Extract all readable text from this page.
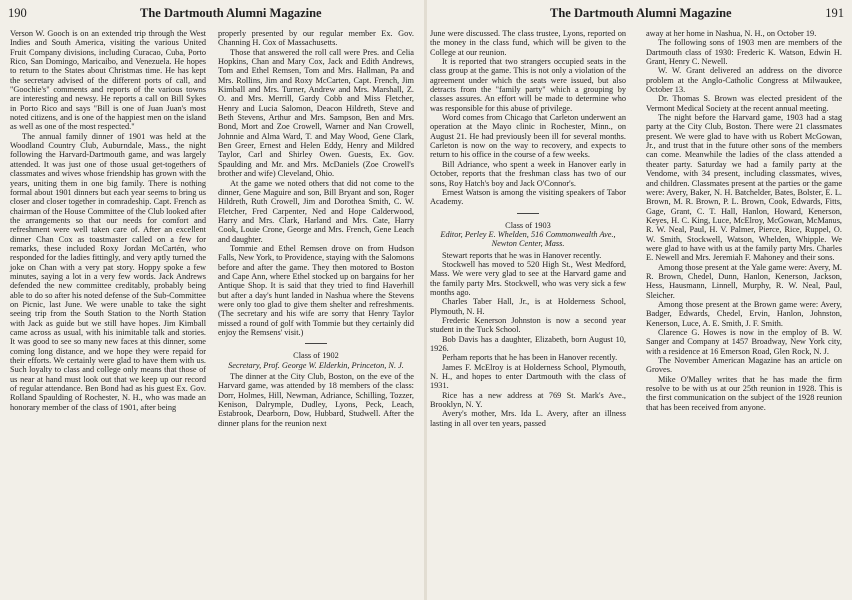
190	The Dartmouth Alumni Magazine

Verson W. Gooch is on an extended trip through the West Indies and South America, visiting the various United Fruit Company divisions, including Curacao, Cuba, Porto Rico, San Domingo, Maricaibo, and Venezuela. He hopes to return to the States about Christmas time. He has kept the secretary advised of the different ports of call, and "Goochie's" comments and reports of the various towns are interesting and newsy. He reports a call on Bill Sykes in Porto Rico and says "Bill is one of Juan Juan's most noted citizens, and is one of the happiest men on the island as well as one of the most respected."

The annual family dinner of 1901 was held at the Woodland Country Club, Auburndale, Mass., the night following the Harvard-Dartmouth game, and was largely attended. It was just one of those usual get-togethers of classmates and wives whose friendship has grown with the years, uniting them in one big family. There is nothing formal about 1901 dinners but each year seems to bring us closer and closer together in comradeship. Capt. French as chairman of the House Committee of the Club looked after the arrangements so that our needs for comfort and refreshment were well taken care of. After an excellent dinner Chan Cox as toastmaster called on a few for remarks, these included Roxy Jordan McCartén, who responded for the ladies fittingly, and very aptly turned the joke on Chan with a very pat story. Hoppy spoke a few minutes, saying a lot in a very few words. Jack Andrews defended the new committee creditably, probably being able to do so after his noted defense of the Sub-Committee on Picnic, last June. We were unable to take the sight seeing trip from the South Station to the North Station with Jack as guide but we still have hopes. Jim Kimball came across as usual, with his inimitable talk and stories. It was good to see so many new faces at this dinner, some coming long distance, and we hope they were repaid for their efforts. We certainly were glad to have them with us. Such loyalty to class and college only means that those of us near at hand must look out that we keep up our record of regular attendance. Ben Bond had as his guest Ex. Gov. Rolland Spaulding of Rochester, N. H., who was made an honorary member of the class of 1901, after being

properly presented by our regular member Ex. Gov. Channing H. Cox of Massachusetts.

Those that answered the roll call were Pres. and Celia Hopkins, Chan and Mary Cox, Jack and Edith Andrews, Tom and Ethel Remsen, Tom and Mrs. Hallman, Pa and Mrs. Rollins, Jim and Roxy McCarten, Capt. French, Jim Kimball and Mrs. Turner, Andrew and Mrs. Marshall, Z. O. and Mrs. Merrill, Gardy Cobb and Miss Fletcher, Henry and Lucia Salomon, Deacon Hildreth, Steve and Beth Stevens, Arthur and Mrs. Sampson, Ben and Mrs. Bond, Mort and Zoe Crowell, Warner and Nan Crowell, Johnnie and Alma Ward, T. and May Wood, Gene Clark, Ben Greer, Ernest and Helen Eddy, Henry and Mildred Taylor, Carl and Shirley Owen. Guests, Ex. Gov. Spaulding and Mr. and Mrs. McDaniels (Zoe Crowell's brother and wife) Cleveland, Ohio.

At the game we noted others that did not come to the dinner, Gene Maguire and son, Bill Bryant and son, Roger Hildreth, Ruth Crowell, Jim and Dorothea Smith, C. W. Fletcher, Fred Carpenter, Ned and Hope Calderwood, Harry and Mrs. Clark, Harland and Mrs. Cate, Harry Cook, Louie Crone, George and Mrs. French, Gene Leach and daughter.

Tommie and Ethel Remsen drove on from Hudson Falls, New York, to Providence, staying with the Salomons before and after the game. They then motored to Boston and Cape Ann, where Ethel stocked up on bargains for her Antique Shop. It is said that they tried to find Haverhill but after a day's hunt landed in Nashua where the Stevens were only too glad to give them shelter and refreshments. (The secretary and his wife are sorry that Henry Taylor missed a round of golf with Tommie but they certainly did enjoy the Remsens' visit.)

Class of 1902
Secretary, Prof. George W. Elderkin, Princeton, N. J.

The dinner at the City Club, Boston, on the eve of the Harvard game, was attended by 18 members of the class: Dorr, Holmes, Hill, Newman, Adriance, Schilling, Tozzer, Kenison, Dalrymple, Dudley, Lyons, Peck, Leach, Estabrook, Dearborn, Dow, Hubbard, Studwell. After the dinner plans for the reunion next

The Dartmouth Alumni Magazine	191

June were discussed. The class trustee, Lyons, reported on the money in the class fund, which will be given to the College at our reunion.

It is reported that two strangers occupied seats in the class group at the game. This is not only a violation of the agreement under which the seats were issued, but also detracts from the "family party" which a grouping by classes assures. An effort will be made to determine who was responsible for this abuse of privilege.

Word comes from Chicago that Carleton underwent an operation at the Mayo clinic in Rochester, Minn., on August 21. He had previously been ill for several months. Carleton is now on the way to recovery, and expects to return to his office in the course of a few weeks.

Bill Adriance, who spent a week in Hanover early in October, reports that the freshman class has two of our sons, Roy Hatch's boy and Jack O'Connor's.

Ernest Watson is among the visiting speakers of Tabor Academy.

Class of 1903
Editor, Perley E. Whelden, 516 Commonwealth Ave., Newton Center, Mass.

Stewart reports that he was in Hanover recently.

Stockwell has moved to 520 High St., West Medford, Mass. We were very glad to see at the Harvard game and the family party Mrs. Stockwell, who was very sick a few months ago.

Charles Taber Hall, Jr., is at Holderness School, Plymouth, N. H.

Frederic Kenerson Johnston is now a second year student in the Tuck School.

Bob Davis has a daughter, Elizabeth, born August 10, 1926.

Perham reports that he has been in Hanover recently.

James F. McElroy is at Holderness School, Plymouth, N. H., and hopes to enter Dartmouth with the class of 1931.

Rice has a new address at 769 St. Mark's Ave., Brooklyn, N. Y.

Avery's mother, Mrs. Ida L. Avery, after an illness lasting in all over ten years, passed

away at her home in Nashua, N. H., on October 19.

The following sons of 1903 men are members of the Dartmouth class of 1930: Frederic K. Watson, Edwin H. Grant, Henry C. Newell.

W. W. Grant delivered an address on the divorce problem at the Anglo-Catholic Congress at Milwaukee, October 13.

Dr. Thomas S. Brown was elected president of the Vermont Medical Society at the recent annual meeting.

The night before the Harvard game, 1903 had a stag party at the City Club, Boston. There were 21 classmates present. We were glad to have with us Robert McGowan, Jr., and trust that in the future other sons of the members can come. Meanwhile the ladies of the class attended a theater party. Saturday we had a family party at the Vendome, with 34 present, including classmates, wives, and children. Classmates present at the parties or the game were: Avery, Baker, N. H. Batchelder, Bates, Bolster, E. L. Brown, M. R. Brown, P. L. Brown, Cook, Edwards, Fitts, Gage, Grant, C. T. Hall, Hanlon, Howard, Kenerson, Keyes, H. C. King, Luce, McElroy, McGowan, McManus, R. W. Neal, Paul, H. V. Palmer, Pierce, Rice, Ruppel, O. W. Smith, Stockwell, Watson, Whelden, Whipple. We were glad to have with us at the family party Mrs. Charles E. Newell and Mrs. Jeremiah F. Mahoney and their sons.

Among those present at the Yale game were: Avery, M. R. Brown, Chedel, Dunn, Hanlon, Kenerson, Jackson, Hess, Hausmann, Linnell, Murphy, R. W. Neal, Paul, Sleicher.

Among those present at the Brown game were: Avery, Badger, Edwards, Chedel, Ervin, Hanlon, Johnston, Kenerson, Luce, A. E. Smith, J. F. Smith.

Clarence G. Howes is now in the employ of B. W. Sanger and Company at 1457 Broadway, New York city, with a residence at 16 Emerson Road, Glen Rock, N. J.

The November American Magazine has an article on Groves.

Mike O'Malley writes that he has made the firm resolve to be with us at our 25th reunion in 1928. This is the first communication on the subject of the 1928 reunion that has been received from anyone.
